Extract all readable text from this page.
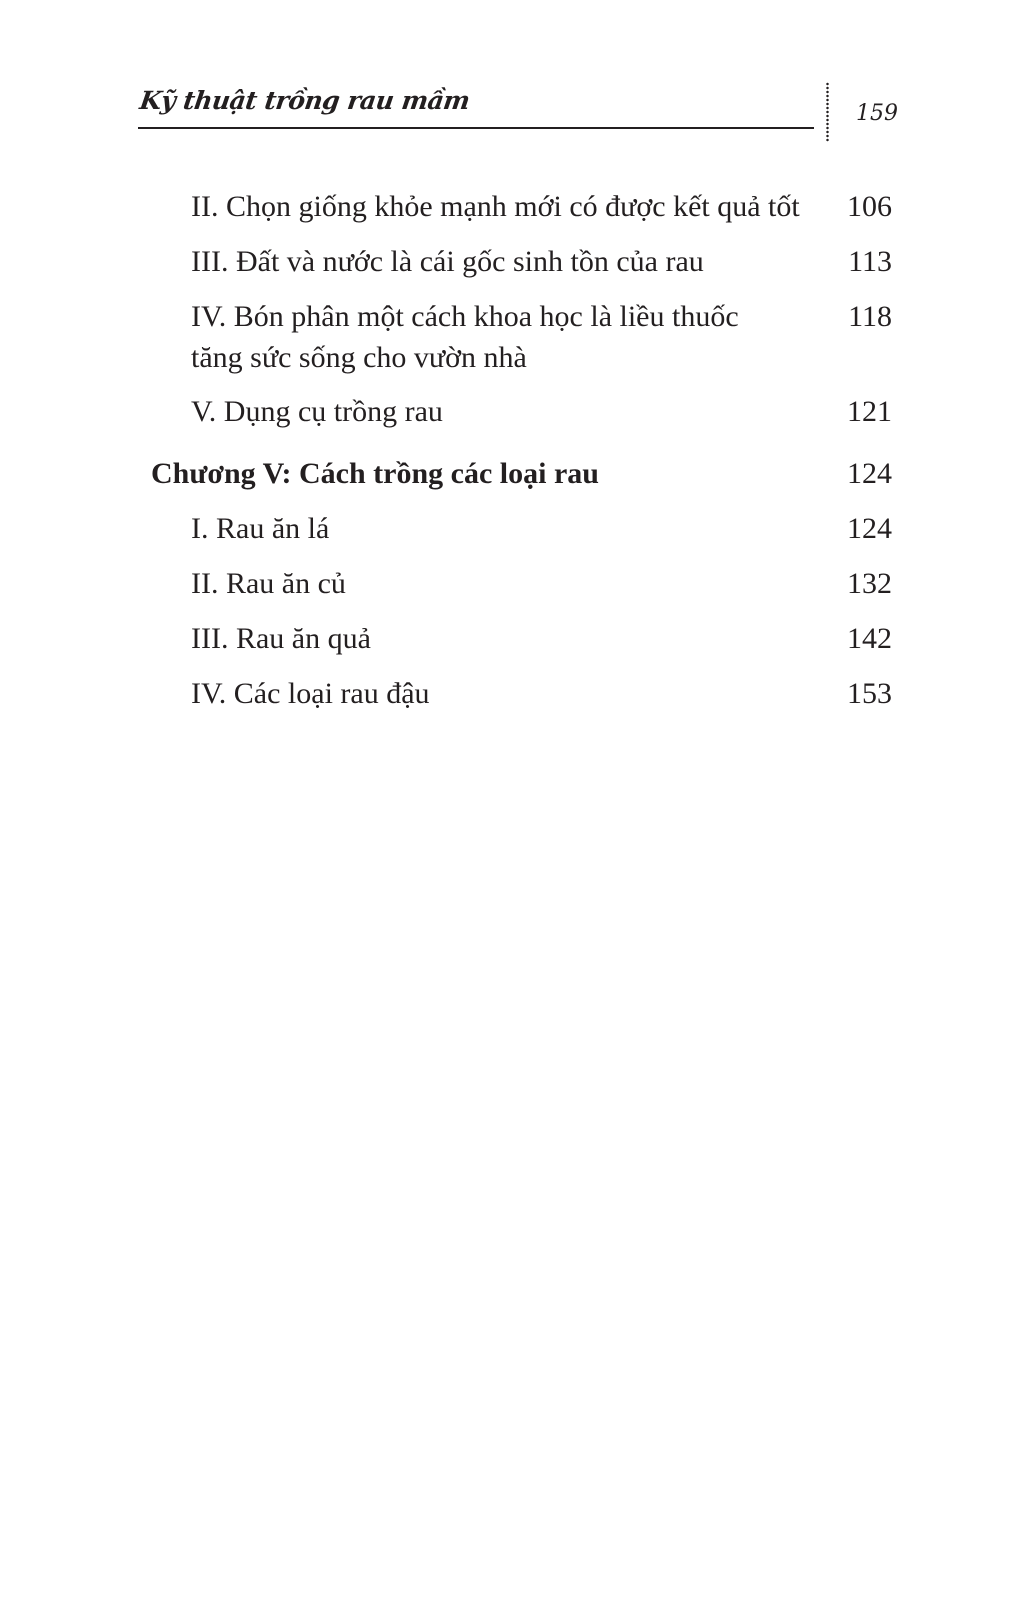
Kỹ thuật trồng rau mầm	159
II. Chọn giống khỏe mạnh mới có được kết quả tốt 106
III. Đất và nước là cái gốc sinh tồn của rau	113
IV. Bón phân một cách khoa học là liều thuốc	118
tăng sức sống cho vườn nhà
V. Dụng cụ trồng rau	121
Chương V: Cách trồng các loại rau	124
I. Rau ăn lá	124
II. Rau ăn củ	132
III. Rau ăn quả	142
IV. Các loại rau đậu	153
